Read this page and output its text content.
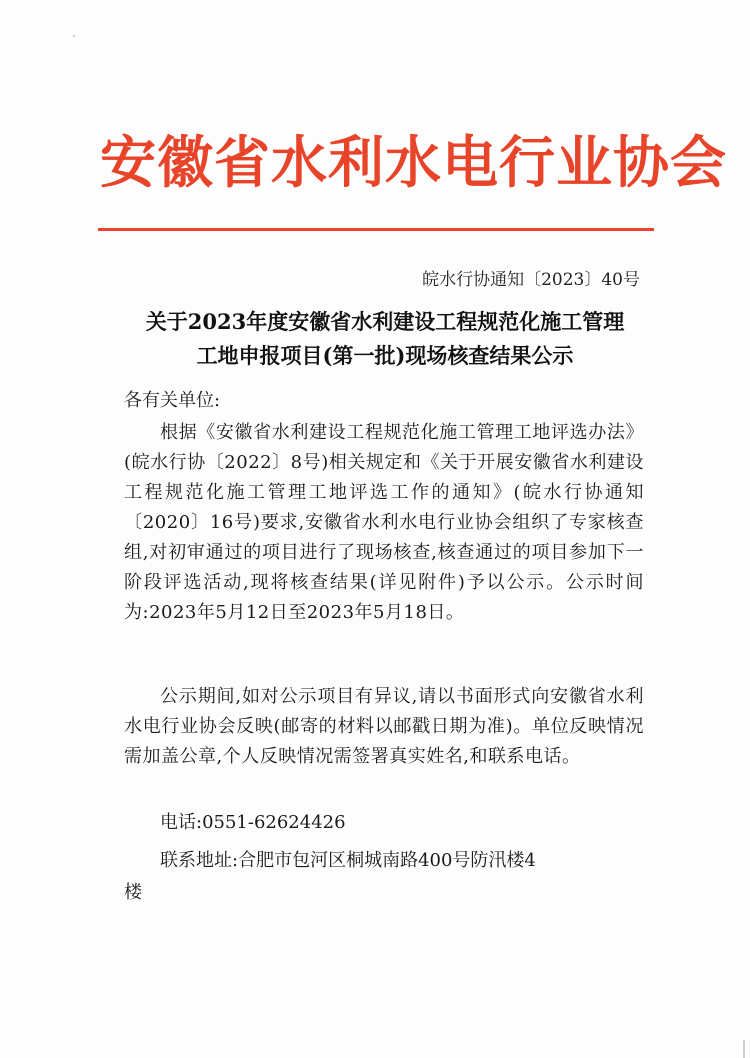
安徽省水利水电行业协会
皖水行协通知〔2023〕40号
关于2023年度安徽省水利建设工程规范化施工管理
工地申报项目(第一批)现场核查结果公示
各有关单位:
根据《安徽省水利建设工程规范化施工管理工地评选办法》(皖水行协〔2022〕8号)相关规定和《关于开展安徽省水利建设工程规范化施工管理工地评选工作的通知》(皖水行协通知〔2020〕16号)要求,安徽省水利水电行业协会组织了专家核查组,对初审通过的项目进行了现场核查,核查通过的项目参加下一阶段评选活动,现将核查结果(详见附件)予以公示。公示时间为:2023年5月12日至2023年5月18日。
公示期间,如对公示项目有异议,请以书面形式向安徽省水利水电行业协会反映(邮寄的材料以邮戳日期为准)。单位反映情况需加盖公章,个人反映情况需签署真实姓名,和联系电话。
电话:0551-62624426
联系地址:合肥市包河区桐城南路400号防汛楼4
楼
